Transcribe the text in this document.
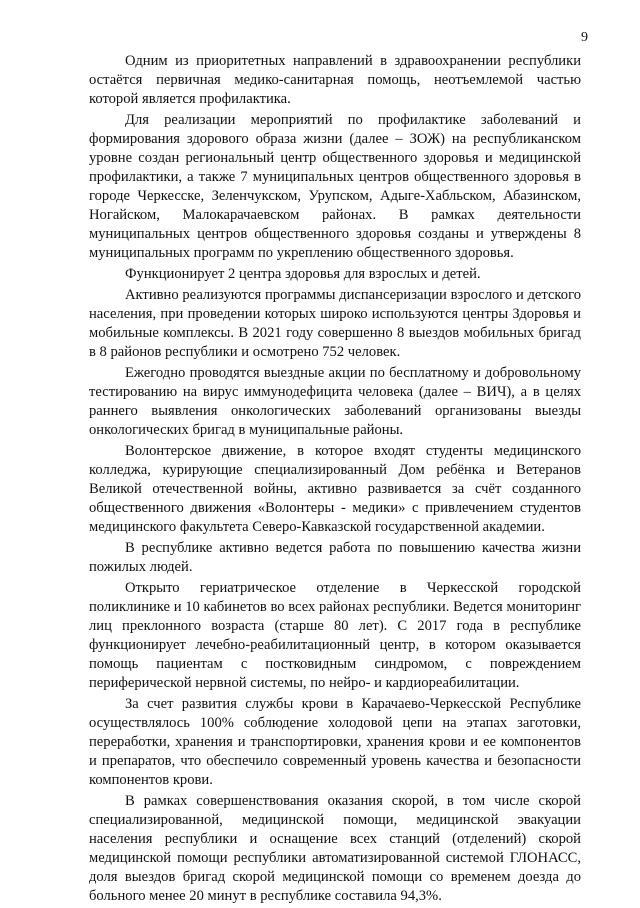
9

Одним из приоритетных направлений в здравоохранении республики остаётся первичная медико-санитарная помощь, неотъемлемой частью которой является профилактика.

Для реализации мероприятий по профилактике заболеваний и формирования здорового образа жизни (далее – ЗОЖ) на республиканском уровне создан региональный центр общественного здоровья и медицинской профилактики, а также 7 муниципальных центров общественного здоровья в городе Черкесске, Зеленчукском, Урупском, Адыге-Хабльском, Абазинском, Ногайском, Малокарачаевском районах. В рамках деятельности муниципальных центров общественного здоровья созданы и утверждены 8 муниципальных программ по укреплению общественного здоровья.

Функционирует 2 центра здоровья для взрослых и детей.

Активно реализуются программы диспансеризации взрослого и детского населения, при проведении которых широко используются центры Здоровья и мобильные комплексы. В 2021 году совершенно 8 выездов мобильных бригад в 8 районов республики и осмотрено 752 человек.

Ежегодно проводятся выездные акции по бесплатному и добровольному тестированию на вирус иммунодефицита человека (далее – ВИЧ), а в целях раннего выявления онкологических заболеваний организованы выезды онкологических бригад в муниципальные районы.

Волонтерское движение, в которое входят студенты медицинского колледжа, курирующие специализированный Дом ребёнка и Ветеранов Великой отечественной войны, активно развивается за счёт созданного общественного движения «Волонтеры - медики» с привлечением студентов медицинского факультета Северо-Кавказской государственной академии.

В республике активно ведется работа по повышению качества жизни пожилых людей.

Открыто гериатрическое отделение в Черкесской городской поликлинике и 10 кабинетов во всех районах республики. Ведется мониторинг лиц преклонного возраста (старше 80 лет). С 2017 года в республике функционирует лечебно-реабилитационный центр, в котором оказывается помощь пациентам с постковидным синдромом, с повреждением периферической нервной системы, по нейро- и кардиореабилитации.

За счет развития службы крови в Карачаево-Черкесской Республике осуществлялось 100% соблюдение холодовой цепи на этапах заготовки, переработки, хранения и транспортировки, хранения крови и ее компонентов и препаратов, что обеспечило современный уровень качества и безопасности компонентов крови.

В рамках совершенствования оказания скорой, в том числе скорой специализированной, медицинской помощи, медицинской эвакуации населения республики и оснащение всех станций (отделений) скорой медицинской помощи республики автоматизированной системой ГЛОНАСС, доля выездов бригад скорой медицинской помощи со временем доезда до больного менее 20 минут в республике составила 94,3%.
